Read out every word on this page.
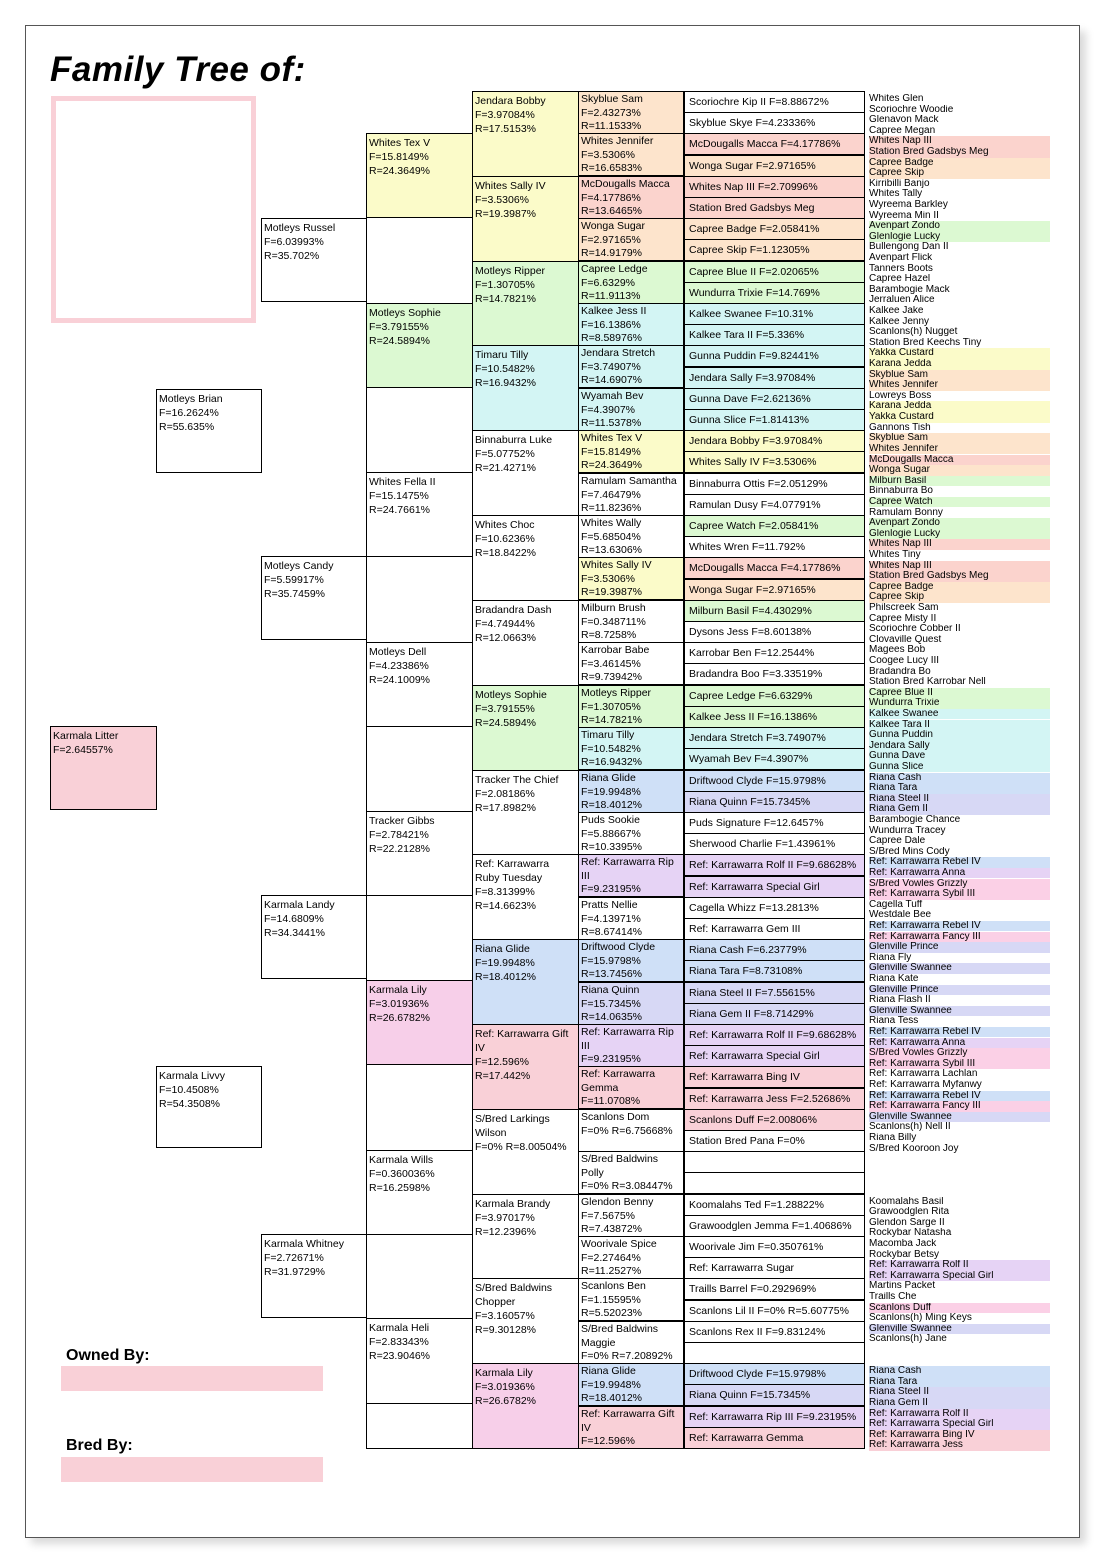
Family Tree of:
Owned By:
Bred By:
Karmala Litter
F=2.64557%
Motleys Brian
F=16.2624%
R=55.635%
Karmala Livvy
F=10.4508%
R=54.3508%
Motleys Russel
F=6.03993%
R=35.702%
Motleys Candy
F=5.59917%
R=35.7459%
Karmala Landy
F=14.6809%
R=34.3441%
Karmala Whitney
F=2.72671%
R=31.9729%
Whites Tex V
F=15.8149%
R=24.3649%
Motleys Sophie
F=3.79155%
R=24.5894%
Whites Fella II
F=15.1475%
R=24.7661%
Motleys Dell
F=4.23386%
R=24.1009%
Tracker Gibbs
F=2.78421%
R=22.2128%
Karmala Lily
F=3.01936%
R=26.6782%
Karmala Wills
F=0.360036%
R=16.2598%
Karmala Heli
F=2.83343%
R=23.9046%
Jendara Bobby
F=3.97084%
R=17.5153%
Whites Sally IV
F=3.5306%
R=19.3987%
Motleys Ripper
F=1.30705%
R=14.7821%
Timaru Tilly
F=10.5482%
R=16.9432%
Binnaburra Luke
F=5.07752%
R=21.4271%
Whites Choc
F=10.6236%
R=18.8422%
Bradandra Dash
F=4.74944%
R=12.0663%
Motleys Sophie
F=3.79155%
R=24.5894%
Tracker The Chief
F=2.08186%
R=17.8982%
Ref: Karrawarra
Ruby Tuesday
F=8.31399%
R=14.6623%
Riana Glide
F=19.9948%
R=18.4012%
Ref: Karrawarra Gift
IV
F=12.596%
R=17.442%
S/Bred Larkings
Wilson
F=0% R=8.00504%
Karmala Brandy
F=3.97017%
R=12.2396%
S/Bred Baldwins
Chopper
F=3.16057%
R=9.30128%
Karmala Lily
F=3.01936%
R=26.6782%
Skyblue Sam
F=2.43273%
R=11.1533%
Whites Jennifer
F=3.5306%
R=16.6583%
McDougalls Macca
F=4.17786%
R=13.6465%
Wonga Sugar
F=2.97165%
R=14.9179%
Capree Ledge
F=6.6329%
R=11.9113%
Kalkee Jess II
F=16.1386%
R=8.58976%
Jendara Stretch
F=3.74907%
R=14.6907%
Wyamah Bev
F=4.3907%
R=11.5378%
Whites Tex V
F=15.8149%
R=24.3649%
Ramulam Samantha
F=7.46479%
R=11.8236%
Whites Wally
F=5.68504%
R=13.6306%
Whites Sally IV
F=3.5306%
R=19.3987%
Milburn Brush
F=0.348711%
R=8.7258%
Karrobar Babe
F=3.46145%
R=9.73942%
Motleys Ripper
F=1.30705%
R=14.7821%
Timaru Tilly
F=10.5482%
R=16.9432%
Riana Glide
F=19.9948%
R=18.4012%
Puds Sookie
F=5.88667%
R=10.3395%
Ref: Karrawarra Rip
III
F=9.23195%
Pratts Nellie
F=4.13971%
R=8.67414%
Driftwood Clyde
F=15.9798%
R=13.7456%
Riana Quinn
F=15.7345%
R=14.0635%
Ref: Karrawarra Rip
III
F=9.23195%
Ref: Karrawarra
Gemma
F=11.0708%
Scanlons Dom
F=0% R=6.75668%
S/Bred Baldwins
Polly
F=0% R=3.08447%
Glendon Benny
F=7.5675%
R=7.43872%
Woorivale Spice
F=2.27464%
R=11.2527%
Scanlons Ben
F=1.15595%
R=5.52023%
S/Bred Baldwins
Maggie
F=0% R=7.20892%
Riana Glide
F=19.9948%
R=18.4012%
Ref: Karrawarra Gift
IV
F=12.596%
Scoriochre Kip II F=8.88672%
Skyblue Skye F=4.23336%
McDougalls Macca F=4.17786%
Wonga Sugar F=2.97165%
Whites Nap III F=2.70996%
Station Bred Gadsbys Meg
Capree Badge F=2.05841%
Capree Skip F=1.12305%
Capree Blue II F=2.02065%
Wundurra Trixie F=14.769%
Kalkee Swanee F=10.31%
Kalkee Tara II F=5.336%
Gunna Puddin F=9.82441%
Jendara Sally F=3.97084%
Gunna Dave F=2.62136%
Gunna Slice F=1.81413%
Jendara Bobby F=3.97084%
Whites Sally IV F=3.5306%
Binnaburra Ottis F=2.05129%
Ramulan Dusy F=4.07791%
Capree Watch F=2.05841%
Whites Wren F=11.792%
McDougalls Macca F=4.17786%
Wonga Sugar F=2.97165%
Milburn Basil F=4.43029%
Dysons Jess F=8.60138%
Karrobar Ben F=12.2544%
Bradandra Boo F=3.33519%
Capree Ledge F=6.6329%
Kalkee Jess II F=16.1386%
Jendara Stretch F=3.74907%
Wyamah Bev F=4.3907%
Driftwood Clyde F=15.9798%
Riana Quinn F=15.7345%
Puds Signature F=12.6457%
Sherwood Charlie F=1.43961%
Ref: Karrawarra Rolf II F=9.68628%
Ref: Karrawarra Special Girl
Cagella Whizz F=13.2813%
Ref: Karrawarra Gem III
Riana Cash F=6.23779%
Riana Tara F=8.73108%
Riana Steel II F=7.55615%
Riana Gem II F=8.71429%
Ref: Karrawarra Rolf II F=9.68628%
Ref: Karrawarra Special Girl
Ref: Karrawarra Bing IV
Ref: Karrawarra Jess F=2.52686%
Scanlons Duff F=2.00806%
Station Bred Pana F=0%
Koomalahs Ted F=1.28822%
Grawoodglen Jemma F=1.40686%
Woorivale Jim F=0.350761%
Ref: Karrawarra Sugar
Traills Barrel F=0.292969%
Scanlons Lil II F=0% R=5.60775%
Scanlons Rex II F=9.83124%
Driftwood Clyde F=15.9798%
Riana Quinn F=15.7345%
Ref: Karrawarra Rip III F=9.23195%
Ref: Karrawarra Gemma
Whites Glen
Scoriochre Woodie
Glenavon Mack
Capree Megan
Whites Nap III
Station Bred Gadsbys Meg
Capree Badge
Capree Skip
Kirribilli Banjo
Whites Tally
Wyreema Barkley
Wyreema Min II
Avenpart Zondo
Glenlogie Lucky
Bullengong Dan II
Avenpart Flick
Tanners Boots
Capree Hazel
Barambogie Mack
Jerraluen Alice
Kalkee Jake
Kalkee Jenny
Scanlons(h) Nugget
Station Bred Keechs Tiny
Yakka Custard
Karana Jedda
Skyblue Sam
Whites Jennifer
Lowreys Boss
Karana Jedda
Yakka Custard
Gannons Tish
Skyblue Sam
Whites Jennifer
McDougalls Macca
Wonga Sugar
Milburn Basil
Binnaburra Bo
Capree Watch
Ramulam Bonny
Avenpart Zondo
Glenlogie Lucky
Whites Nap III
Whites Tiny
Whites Nap III
Station Bred Gadsbys Meg
Capree Badge
Capree Skip
Philscreek Sam
Capree Misty II
Scoriochre Cobber II
Clovaville Quest
Magees Bob
Coogee Lucy III
Bradandra Bo
Station Bred Karrobar Nell
Capree Blue II
Wundurra Trixie
Kalkee Swanee
Kalkee Tara II
Gunna Puddin
Jendara Sally
Gunna Dave
Gunna Slice
Riana Cash
Riana Tara
Riana Steel II
Riana Gem II
Barambogie Chance
Wundurra Tracey
Capree Dale
S/Bred Mins Cody
Ref: Karrawarra Rebel IV
Ref: Karrawarra Anna
S/Bred Vowles Grizzly
Ref: Karrawarra Sybil III
Cagella Tuff
Westdale Bee
Ref: Karrawarra Rebel IV
Ref: Karrawarra Fancy III
Glenville Prince
Riana Fly
Glenville Swannee
Riana Kate
Glenville Prince
Riana Flash II
Glenville Swannee
Riana Tess
Ref: Karrawarra Rebel IV
Ref: Karrawarra Anna
S/Bred Vowles Grizzly
Ref: Karrawarra Sybil III
Ref: Karrawarra Lachlan
Ref: Karrawarra Myfanwy
Ref: Karrawarra Rebel IV
Ref: Karrawarra Fancy III
Glenville Swannee
Scanlons(h) Nell II
Riana Billy
S/Bred Kooroon Joy
Koomalahs Basil
Grawoodglen Rita
Glendon Sarge II
Rockybar Natasha
Macomba Jack
Rockybar Betsy
Ref: Karrawarra Rolf II
Ref: Karrawarra Special Girl
Martins Packet
Traills Che
Scanlons Duff
Scanlons(h) Ming Keys
Glenville Swannee
Scanlons(h) Jane
Riana Cash
Riana Tara
Riana Steel II
Riana Gem II
Ref: Karrawarra Rolf II
Ref: Karrawarra Special Girl
Ref: Karrawarra Bing IV
Ref: Karrawarra Jess
